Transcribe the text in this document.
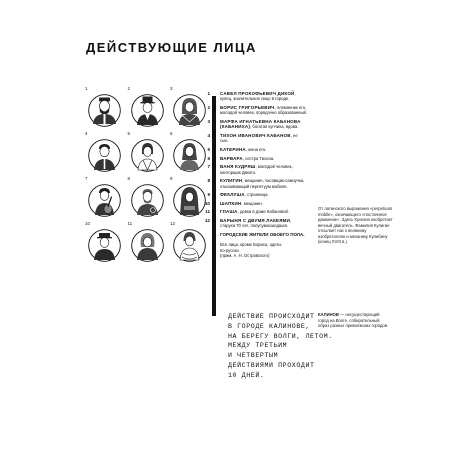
ДЕЙСТВУЮЩИЕ ЛИЦА
1	2	3
4	5	6
7	8	9
10	11	12
1	САВЕЛ ПРОКОФЬЕВИЧ ДИКОЙ, купец, значительное лицо в городе.
2	БОРИС ГРИГОРЬЕВИЧ, племянник его, молодой человек, порядочно образованный.
3	МАРФА ИГНАТЬЕВНА КАБАНОВА (КАБАНИХА), богатая купчиха, вдова.
4	ТИХОН ИВАНОВИЧ КАБАНОВ, ее сын.
5	КАТЕРИНА, жена его.
6	ВАРВАРА, сестра Тихона.
7	ВАНЯ КУДРЯШ, молодой человек, конторщик Дикого.
8	КУЛИГИН, мещанин, часовщик-самоучка, отыскивающий перпетуум мобиле.
9	ФЕКЛУША, странница.
10	ШАПКИН, мещанин.
11	ГЛАША, девка в доме Кабановой.
12	БАРЫНЯ С ДВУМЯ ЛАКЕЯМИ, старуха 70 лет, полусумасшедшая.
ГОРОДСКИЕ ЖИТЕЛИ ОБОЕГО ПОЛА.
Все лица, кроме Бориса, одеты
по-русски
(прим. А. Н. Островского)
ДЕЙСТВИЕ ПРОИСХОДИТ
В ГОРОДЕ КАЛИНОВЕ,
НА БЕРЕГУ ВОЛГИ, ЛЕТОМ.
МЕЖДУ ТРЕТЬИМ
И ЧЕТВЕРТЫМ
ДЕЙСТВИЯМИ ПРОХОДИТ
10 ДНЕЙ.
От латинского выражения «perpetuum mobile», означающего «постоянное движение». Здесь Кулигин изобретает вечный двигатель. Фамилия Кулигин отсылает нас к великому изобретателю и механику Кулибину (конец XVIII в.).
КАЛИНОВ — несуществующий город на Волге, собирательный образ разных приволжских городов.
